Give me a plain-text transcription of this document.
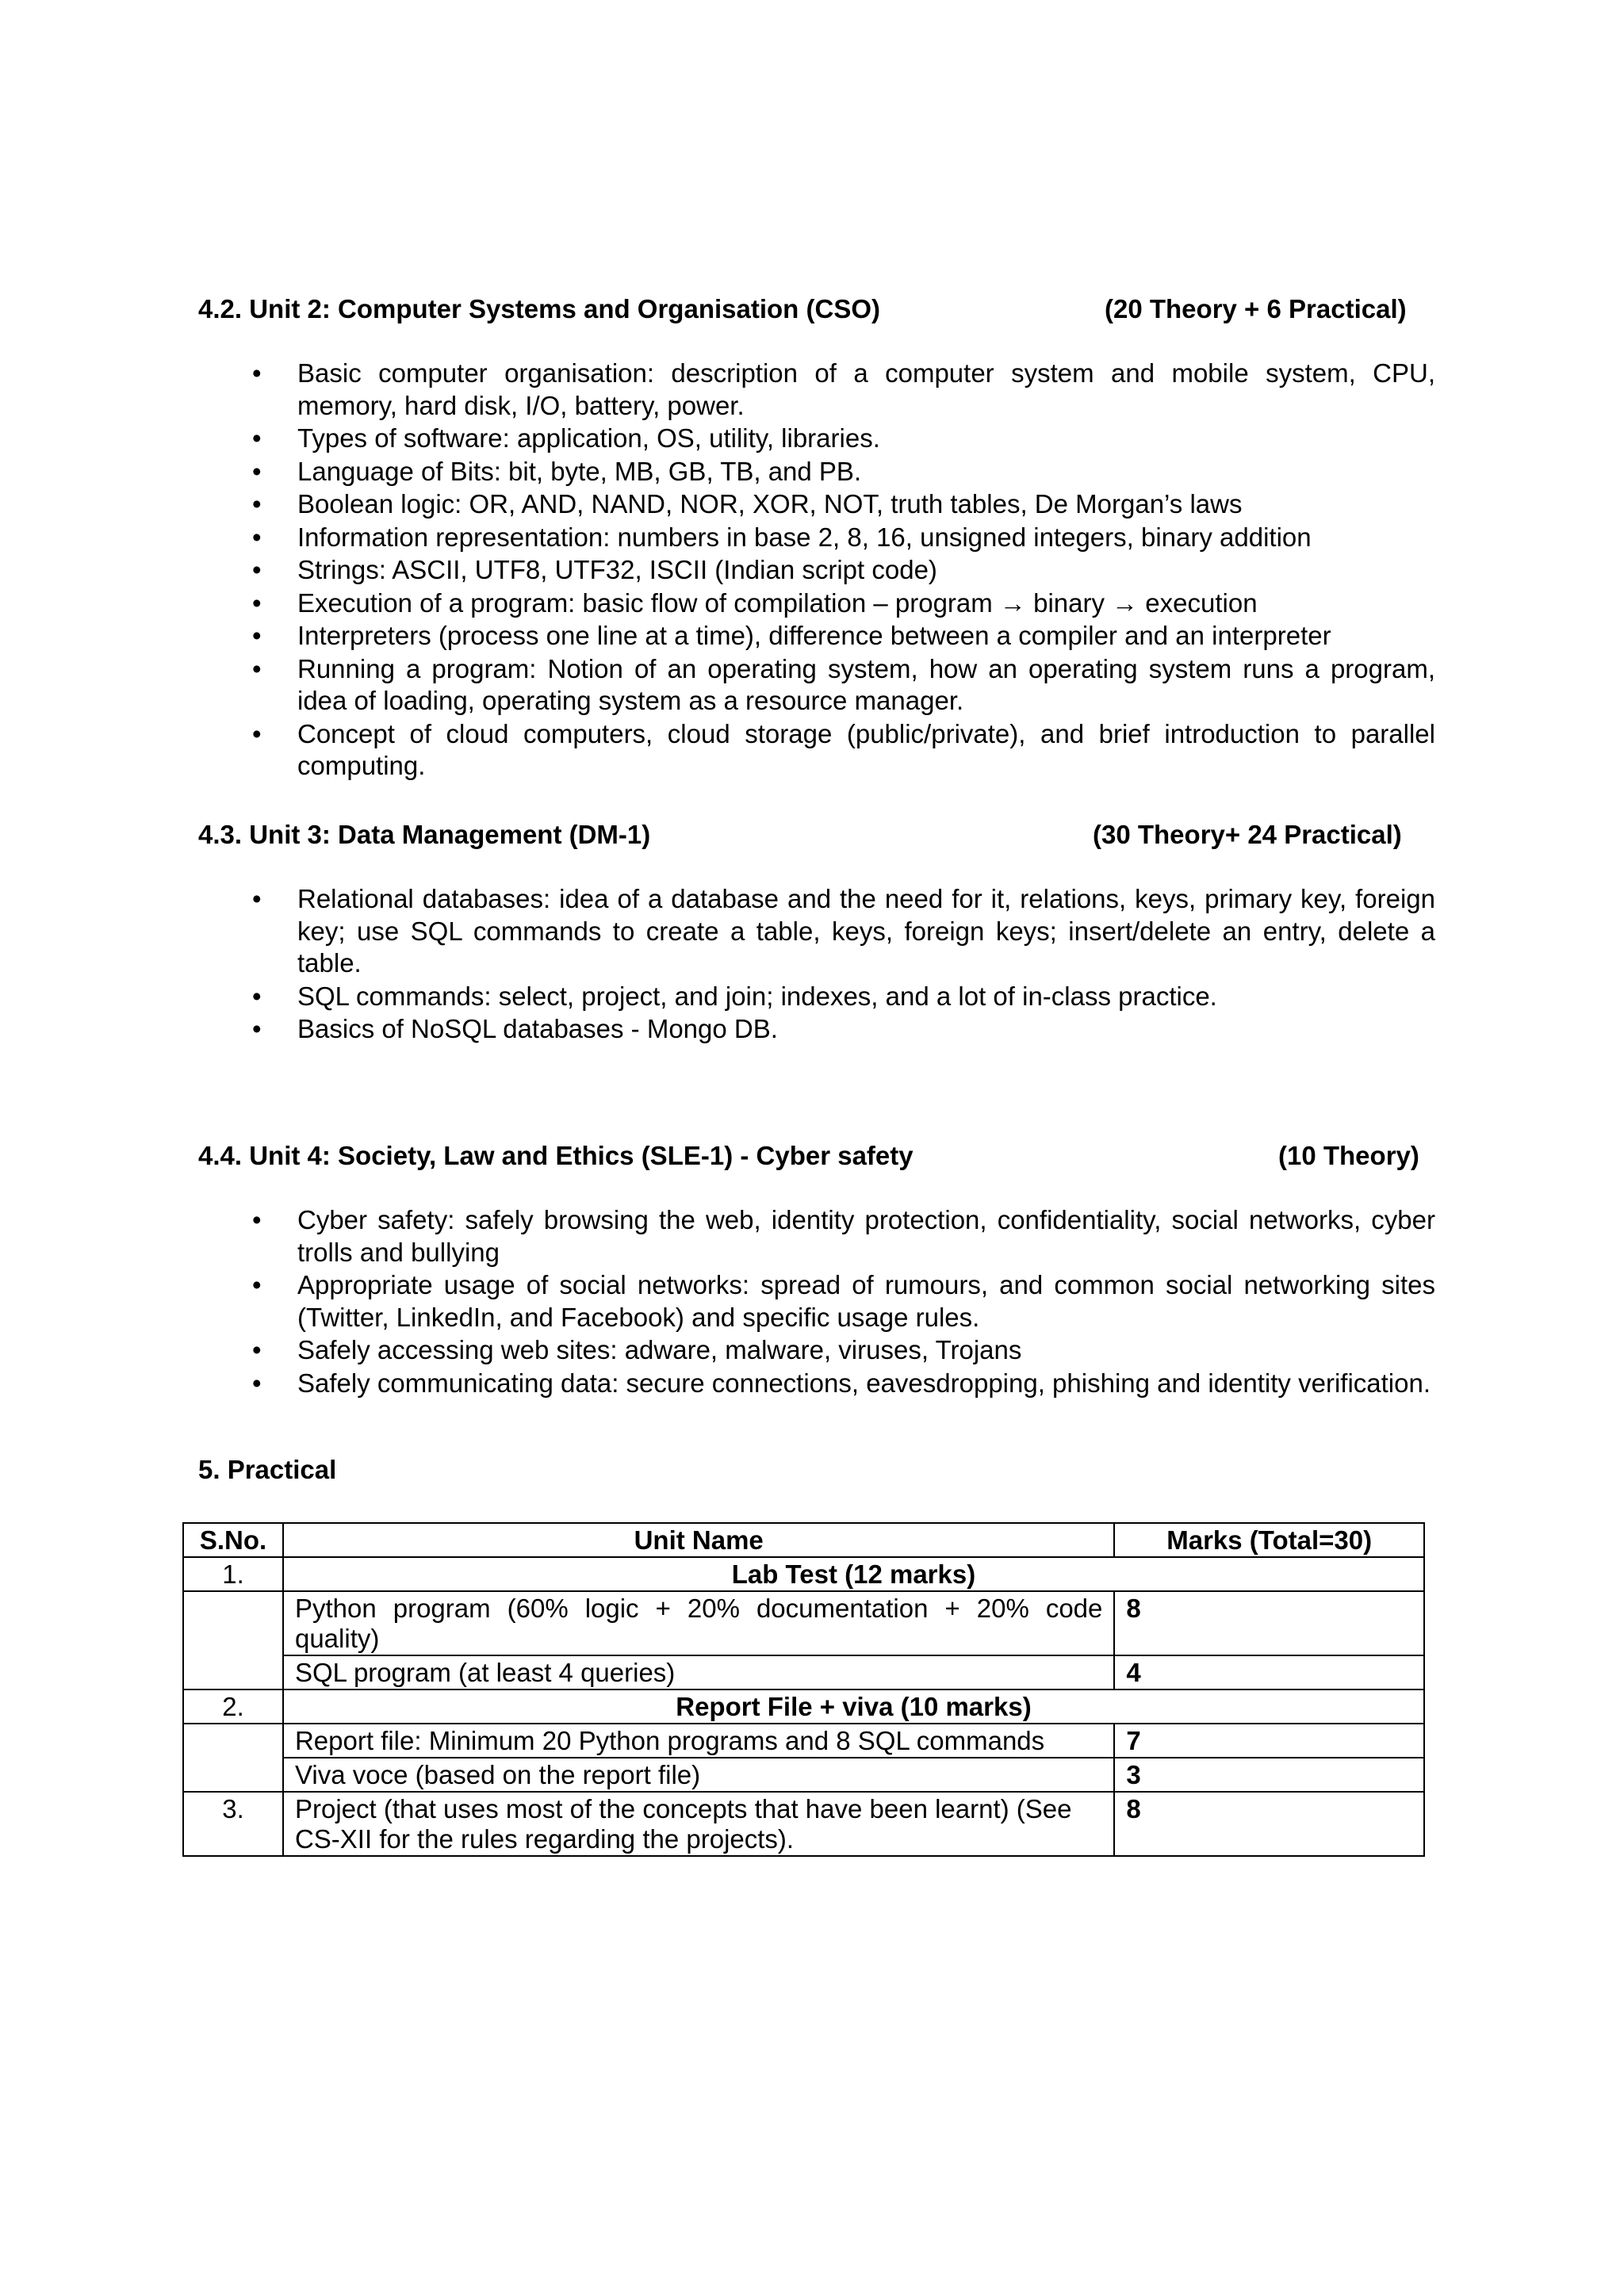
4.2. Unit 2: Computer Systems and Organisation (CSO)	(20 Theory + 6 Practical)
• Basic computer organisation: description of a computer system and mobile system, CPU, memory, hard disk, I/O, battery, power.
• Types of software: application, OS, utility, libraries.
• Language of Bits: bit, byte, MB, GB, TB, and PB.
• Boolean logic: OR, AND, NAND, NOR, XOR, NOT, truth tables, De Morgan’s laws
• Information representation: numbers in base 2, 8, 16, unsigned integers, binary addition
• Strings: ASCII, UTF8, UTF32, ISCII (Indian script code)
• Execution of a program: basic flow of compilation – program → binary → execution
• Interpreters (process one line at a time), difference between a compiler and an interpreter
• Running a program: Notion of an operating system, how an operating system runs a program, idea of loading, operating system as a resource manager.
• Concept of cloud computers, cloud storage (public/private), and brief introduction to parallel computing.
4.3. Unit 3: Data Management (DM-1)	(30 Theory+ 24 Practical)
• Relational databases: idea of a database and the need for it, relations, keys, primary key, foreign key; use SQL commands to create a table, keys, foreign keys; insert/delete an entry, delete a table.
• SQL commands: select, project, and join; indexes, and a lot of in-class practice.
• Basics of NoSQL databases - Mongo DB.
4.4. Unit 4: Society, Law and Ethics (SLE-1) - Cyber safety	(10 Theory)
• Cyber safety: safely browsing the web, identity protection, confidentiality, social networks, cyber trolls and bullying
• Appropriate usage of social networks: spread of rumours, and common social networking sites (Twitter, LinkedIn, and Facebook) and specific usage rules.
• Safely accessing web sites: adware, malware, viruses, Trojans
• Safely communicating data: secure connections, eavesdropping, phishing and identity verification.
5. Practical
S.No.	Unit Name	Marks (Total=30)
1.	Lab Test (12 marks)	
	Python program (60% logic + 20% documentation + 20% code quality)	8
	SQL program (at least 4 queries)	4
2.	Report File + viva (10 marks)	
	Report file: Minimum 20 Python programs and 8 SQL commands	7
	Viva voce (based on the report file)	3
3.	Project (that uses most of the concepts that have been learnt) (See CS-XII for the rules regarding the projects).	8
